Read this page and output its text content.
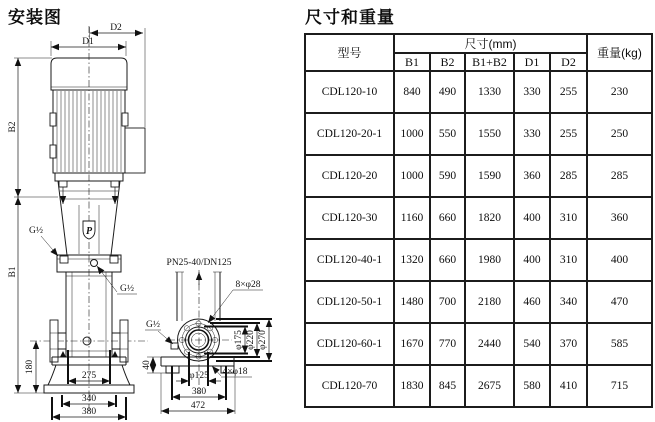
安装图	尺寸和重量
D2
D1
B2
B1
P
G½
G½
180
275
340
380
PN25-40/DN125
8×φ28
G½
φ175 φ220 φ270
40
4×φ18
φ125
380
472
型号	尺寸(mm)					重量(kg)
	B1	B2	B1+B2	D1	D2	
CDL120-10	840	490	1330	330	255	230
CDL120-20-1	1000	550	1550	330	255	250
CDL120-20	1000	590	1590	360	285	285
CDL120-30	1160	660	1820	400	310	360
CDL120-40-1	1320	660	1980	400	310	400
CDL120-50-1	1480	700	2180	460	340	470
CDL120-60-1	1670	770	2440	540	370	585
CDL120-70	1830	845	2675	580	410	715
